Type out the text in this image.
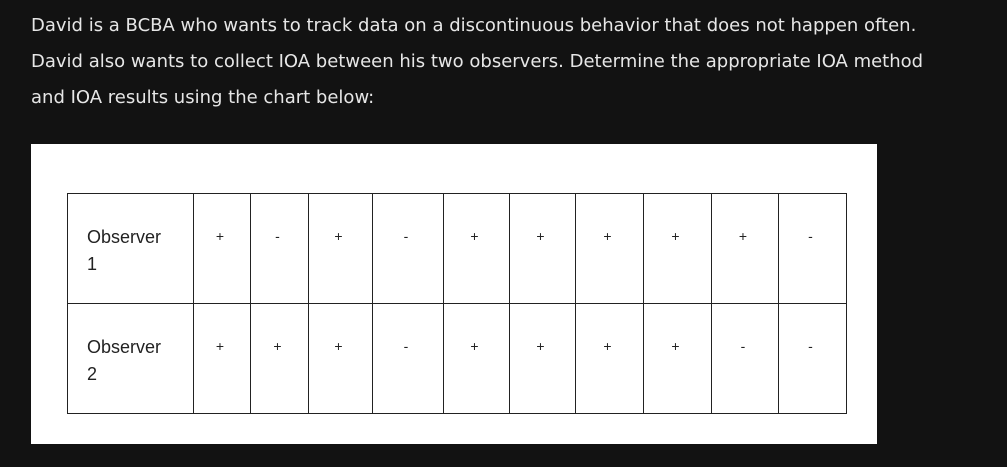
David is a BCBA who wants to track data on a discontinuous behavior that does not happen often.

David also wants to collect IOA between his two observers. Determine the appropriate IOA method

and IOA results using the chart below:

Observer
1	+	-	+	-	+	+	+	+	+	-

Observer
2	+	+	+	-	+	+	+	+	-	-
